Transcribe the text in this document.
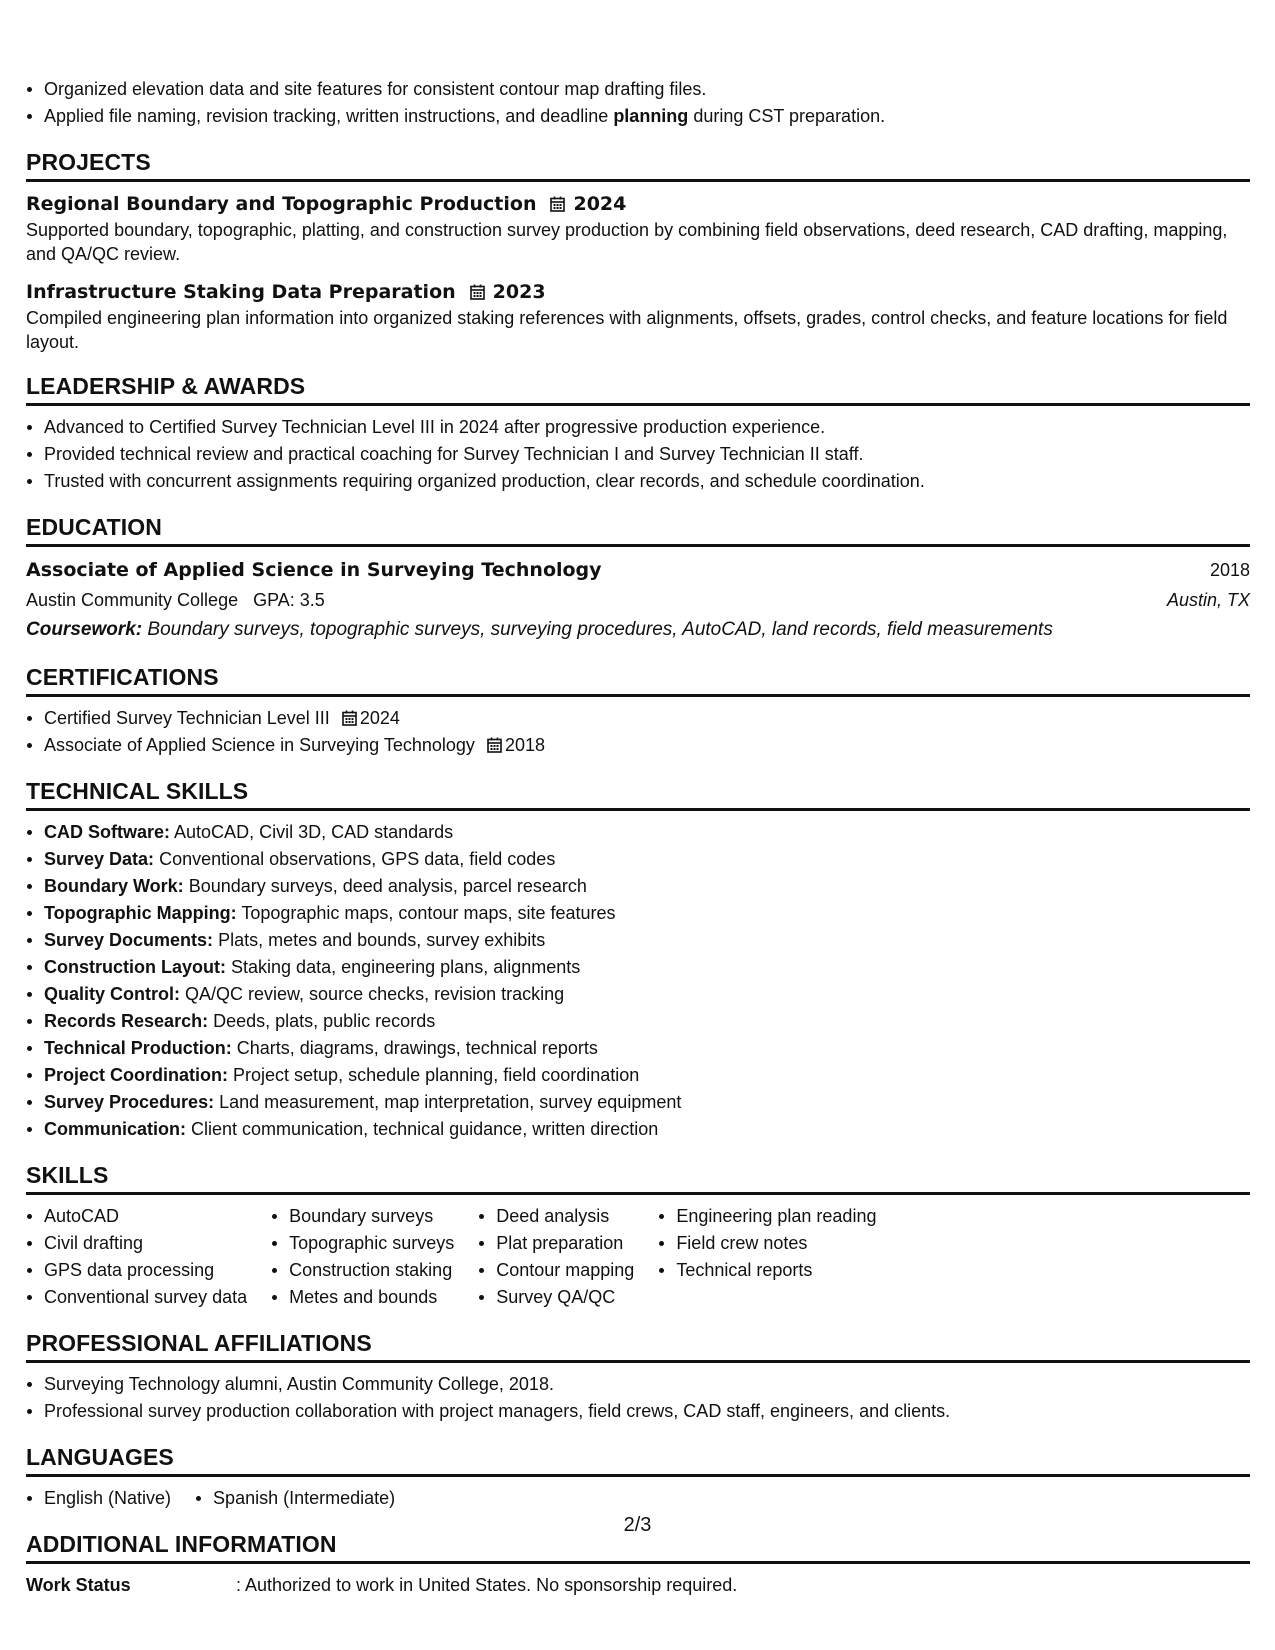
Organized elevation data and site features for consistent contour map drafting files.
Applied file naming, revision tracking, written instructions, and deadline planning during CST preparation.
PROJECTS
Regional Boundary and Topographic Production 2024
Supported boundary, topographic, platting, and construction survey production by combining field observations, deed research, CAD drafting, mapping, and QA/QC review.
Infrastructure Staking Data Preparation 2023
Compiled engineering plan information into organized staking references with alignments, offsets, grades, control checks, and feature locations for field layout.
LEADERSHIP & AWARDS
Advanced to Certified Survey Technician Level III in 2024 after progressive production experience.
Provided technical review and practical coaching for Survey Technician I and Survey Technician II staff.
Trusted with concurrent assignments requiring organized production, clear records, and schedule coordination.
EDUCATION
Associate of Applied Science in Surveying Technology	2018
Austin Community College GPA: 3.5	Austin, TX
Coursework: Boundary surveys, topographic surveys, surveying procedures, AutoCAD, land records, field measurements
CERTIFICATIONS
Certified Survey Technician Level III 2024
Associate of Applied Science in Surveying Technology 2018
TECHNICAL SKILLS
CAD Software: AutoCAD, Civil 3D, CAD standards
Survey Data: Conventional observations, GPS data, field codes
Boundary Work: Boundary surveys, deed analysis, parcel research
Topographic Mapping: Topographic maps, contour maps, site features
Survey Documents: Plats, metes and bounds, survey exhibits
Construction Layout: Staking data, engineering plans, alignments
Quality Control: QA/QC review, source checks, revision tracking
Records Research: Deeds, plats, public records
Technical Production: Charts, diagrams, drawings, technical reports
Project Coordination: Project setup, schedule planning, field coordination
Survey Procedures: Land measurement, map interpretation, survey equipment
Communication: Client communication, technical guidance, written direction
SKILLS
AutoCAD
Civil drafting
GPS data processing
Conventional survey data
Boundary surveys
Topographic surveys
Construction staking
Metes and bounds
Deed analysis
Plat preparation
Contour mapping
Survey QA/QC
Engineering plan reading
Field crew notes
Technical reports
PROFESSIONAL AFFILIATIONS
Surveying Technology alumni, Austin Community College, 2018.
Professional survey production collaboration with project managers, field crews, CAD staff, engineers, and clients.
LANGUAGES
English (Native) Spanish (Intermediate)
ADDITIONAL INFORMATION
Work Status	: Authorized to work in United States. No sponsorship required.
2/3
